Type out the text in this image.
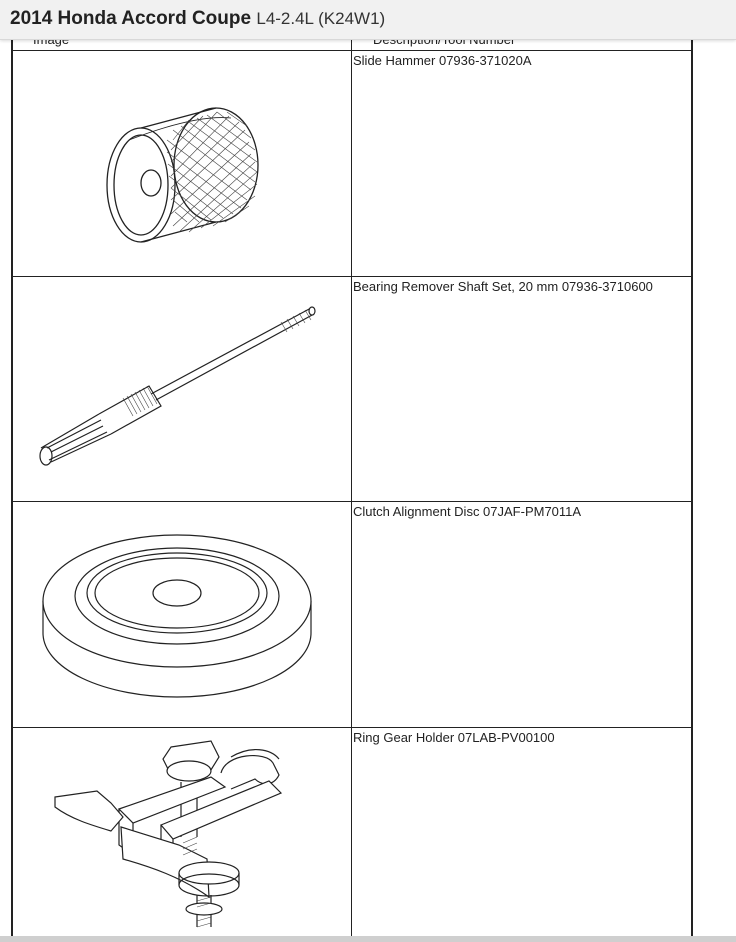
Slide Hammer 07936-371020A
Bearing Remover Shaft Set, 20 mm 07936-3710600
Clutch Alignment Disc 07JAF-PM7011A
Ring Gear Holder 07LAB-PV00100
2014 Honda Accord Coupe L4-2.4L (K24W1)
